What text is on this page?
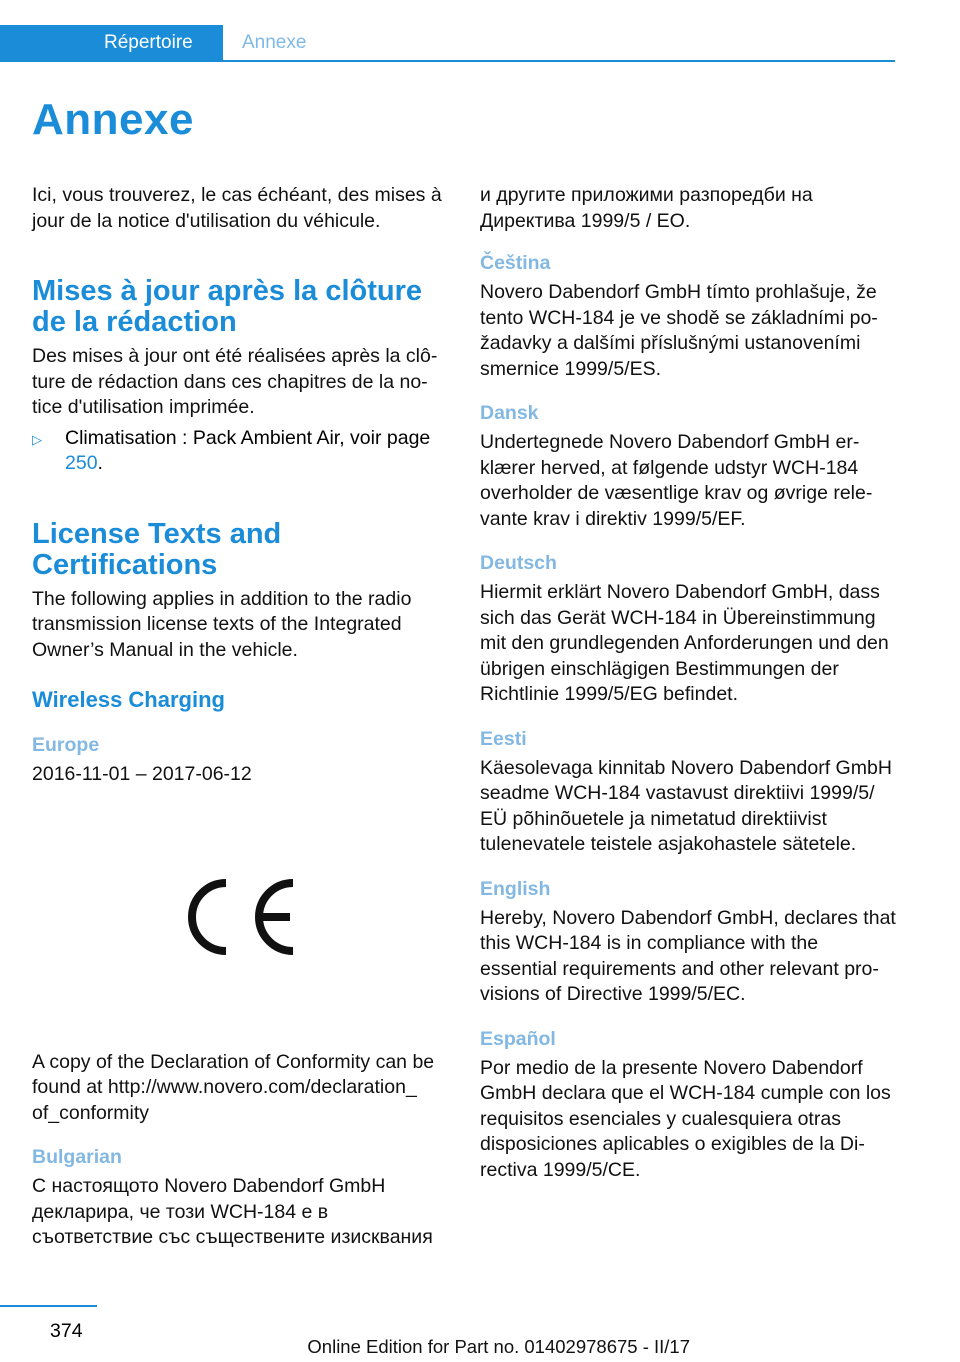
Répertoire	Annexe
Annexe

Ici, vous trouverez, le cas échéant, des mises à jour de la notice d'utilisation du véhicule.

Mises à jour après la clôture de la rédaction

Des mises à jour ont été réalisées après la clôture de rédaction dans ces chapitres de la notice d'utilisation imprimée.

▷	Climatisation : Pack Ambient Air, voir page 250.
License Texts and Certifications

The following applies in addition to the radio transmission license texts of the Integrated Owner’s Manual in the vehicle.

Wireless Charging
Europe

2016-11-01 – 2017-06-12

A copy of the Declaration of Conformity can be found at http://www.novero.com/declaration_ of_conformity

Bulgarian

С настоящото Novero Dabendorf GmbH декларира, че този WCH-184 е в съответствие със съществените изисквания

и другите приложими разпоредби на Директива 1999/5 / ЕО.

Čeština

Novero Dabendorf GmbH tímto prohlašuje, že tento WCH-184 je ve shodě se základními požadavky a dalšími příslušnými ustanoveními smernice 1999/5/ES.

Dansk

Undertegnede Novero Dabendorf GmbH erklærer herved, at følgende udstyr WCH-184 overholder de væsentlige krav og øvrige relevante krav i direktiv 1999/5/EF.

Deutsch

Hiermit erklärt Novero Dabendorf GmbH, dass sich das Gerät WCH-184 in Übereinstimmung mit den grundlegenden Anforderungen und den übrigen einschlägigen Bestimmungen der Richtlinie 1999/5/EG befindet.

Eesti

Käesolevaga kinnitab Novero Dabendorf GmbH seadme WCH-184 vastavust direktiivi 1999/5/ EÜ põhinõuetele ja nimetatud direktiivist tulenevatele teistele asjakohastele sätetele.

English

Hereby, Novero Dabendorf GmbH, declares that this WCH-184 is in compliance with the essential requirements and other relevant provisions of Directive 1999/5/EC.

Español

Por medio de la presente Novero Dabendorf GmbH declara que el WCH-184 cumple con los requisitos esenciales y cualesquiera otras disposiciones aplicables o exigibles de la Directiva 1999/5/CE.

374
Online Edition for Part no. 01402978675 - II/17
